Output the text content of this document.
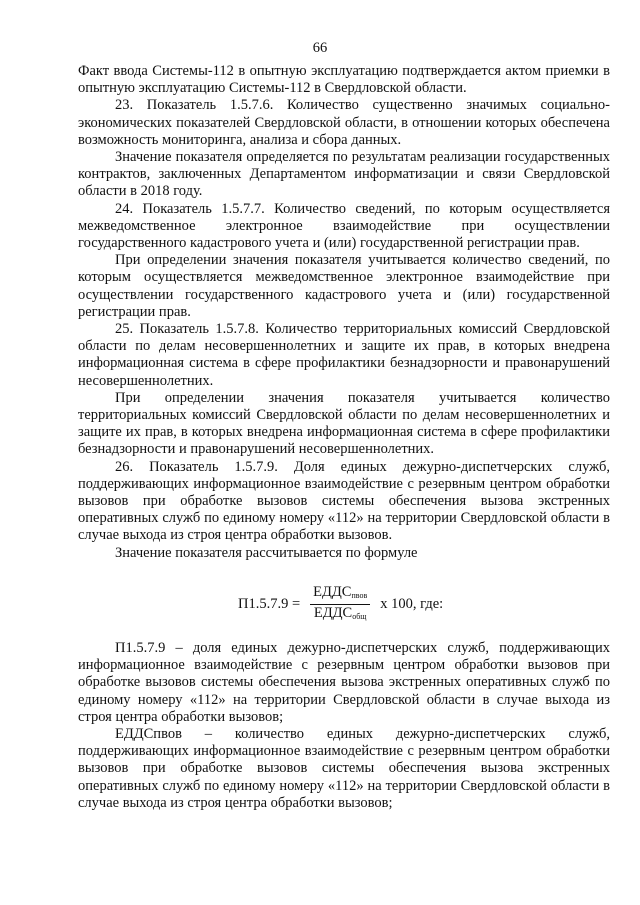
66

Факт ввода Системы-112 в опытную эксплуатацию подтверждается актом приемки в опытную эксплуатацию Системы-112 в Свердловской области.

23. Показатель 1.5.7.6. Количество существенно значимых социально-экономических показателей Свердловской области, в отношении которых обеспечена возможность мониторинга, анализа и сбора данных.

Значение показателя определяется по результатам реализации государственных контрактов, заключенных Департаментом информатизации и связи Свердловской области в 2018 году.

24. Показатель 1.5.7.7. Количество сведений, по которым осуществляется межведомственное электронное взаимодействие при осуществлении государственного кадастрового учета и (или) государственной регистрации прав.

При определении значения показателя учитывается количество сведений, по которым осуществляется межведомственное электронное взаимодействие при осуществлении государственного кадастрового учета и (или) государственной регистрации прав.

25. Показатель 1.5.7.8. Количество территориальных комиссий Свердловской области по делам несовершеннолетних и защите их прав, в которых внедрена информационная система в сфере профилактики безнадзорности и правонарушений несовершеннолетних.

При определении значения показателя учитывается количество территориальных комиссий Свердловской области по делам несовершеннолетних и защите их прав, в которых внедрена информационная система в сфере профилактики безнадзорности и правонарушений несовершеннолетних.

26. Показатель 1.5.7.9. Доля единых дежурно-диспетчерских служб, поддерживающих информационное взаимодействие с резервным центром обработки вызовов при обработке вызовов системы обеспечения вызова экстренных оперативных служб по единому номеру «112» на территории Свердловской области в случае выхода из строя центра обработки вызовов.

Значение показателя рассчитывается по формуле

$П1.5.7.9 = \frac{ЕДДС_{пвов}}{ЕДДС_{общ}}$ x 100, где:

П1.5.7.9 – доля единых дежурно-диспетчерских служб, поддерживающих информационное взаимодействие с резервным центром обработки вызовов при обработке вызовов системы обеспечения вызова экстренных оперативных служб по единому номеру «112» на территории Свердловской области в случае выхода из строя центра обработки вызовов;

ЕДДСпвов – количество единых дежурно-диспетчерских служб, поддерживающих информационное взаимодействие с резервным центром обработки вызовов при обработке вызовов системы обеспечения вызова экстренных оперативных служб по единому номеру «112» на территории Свердловской области в случае выхода из строя центра обработки вызовов;
